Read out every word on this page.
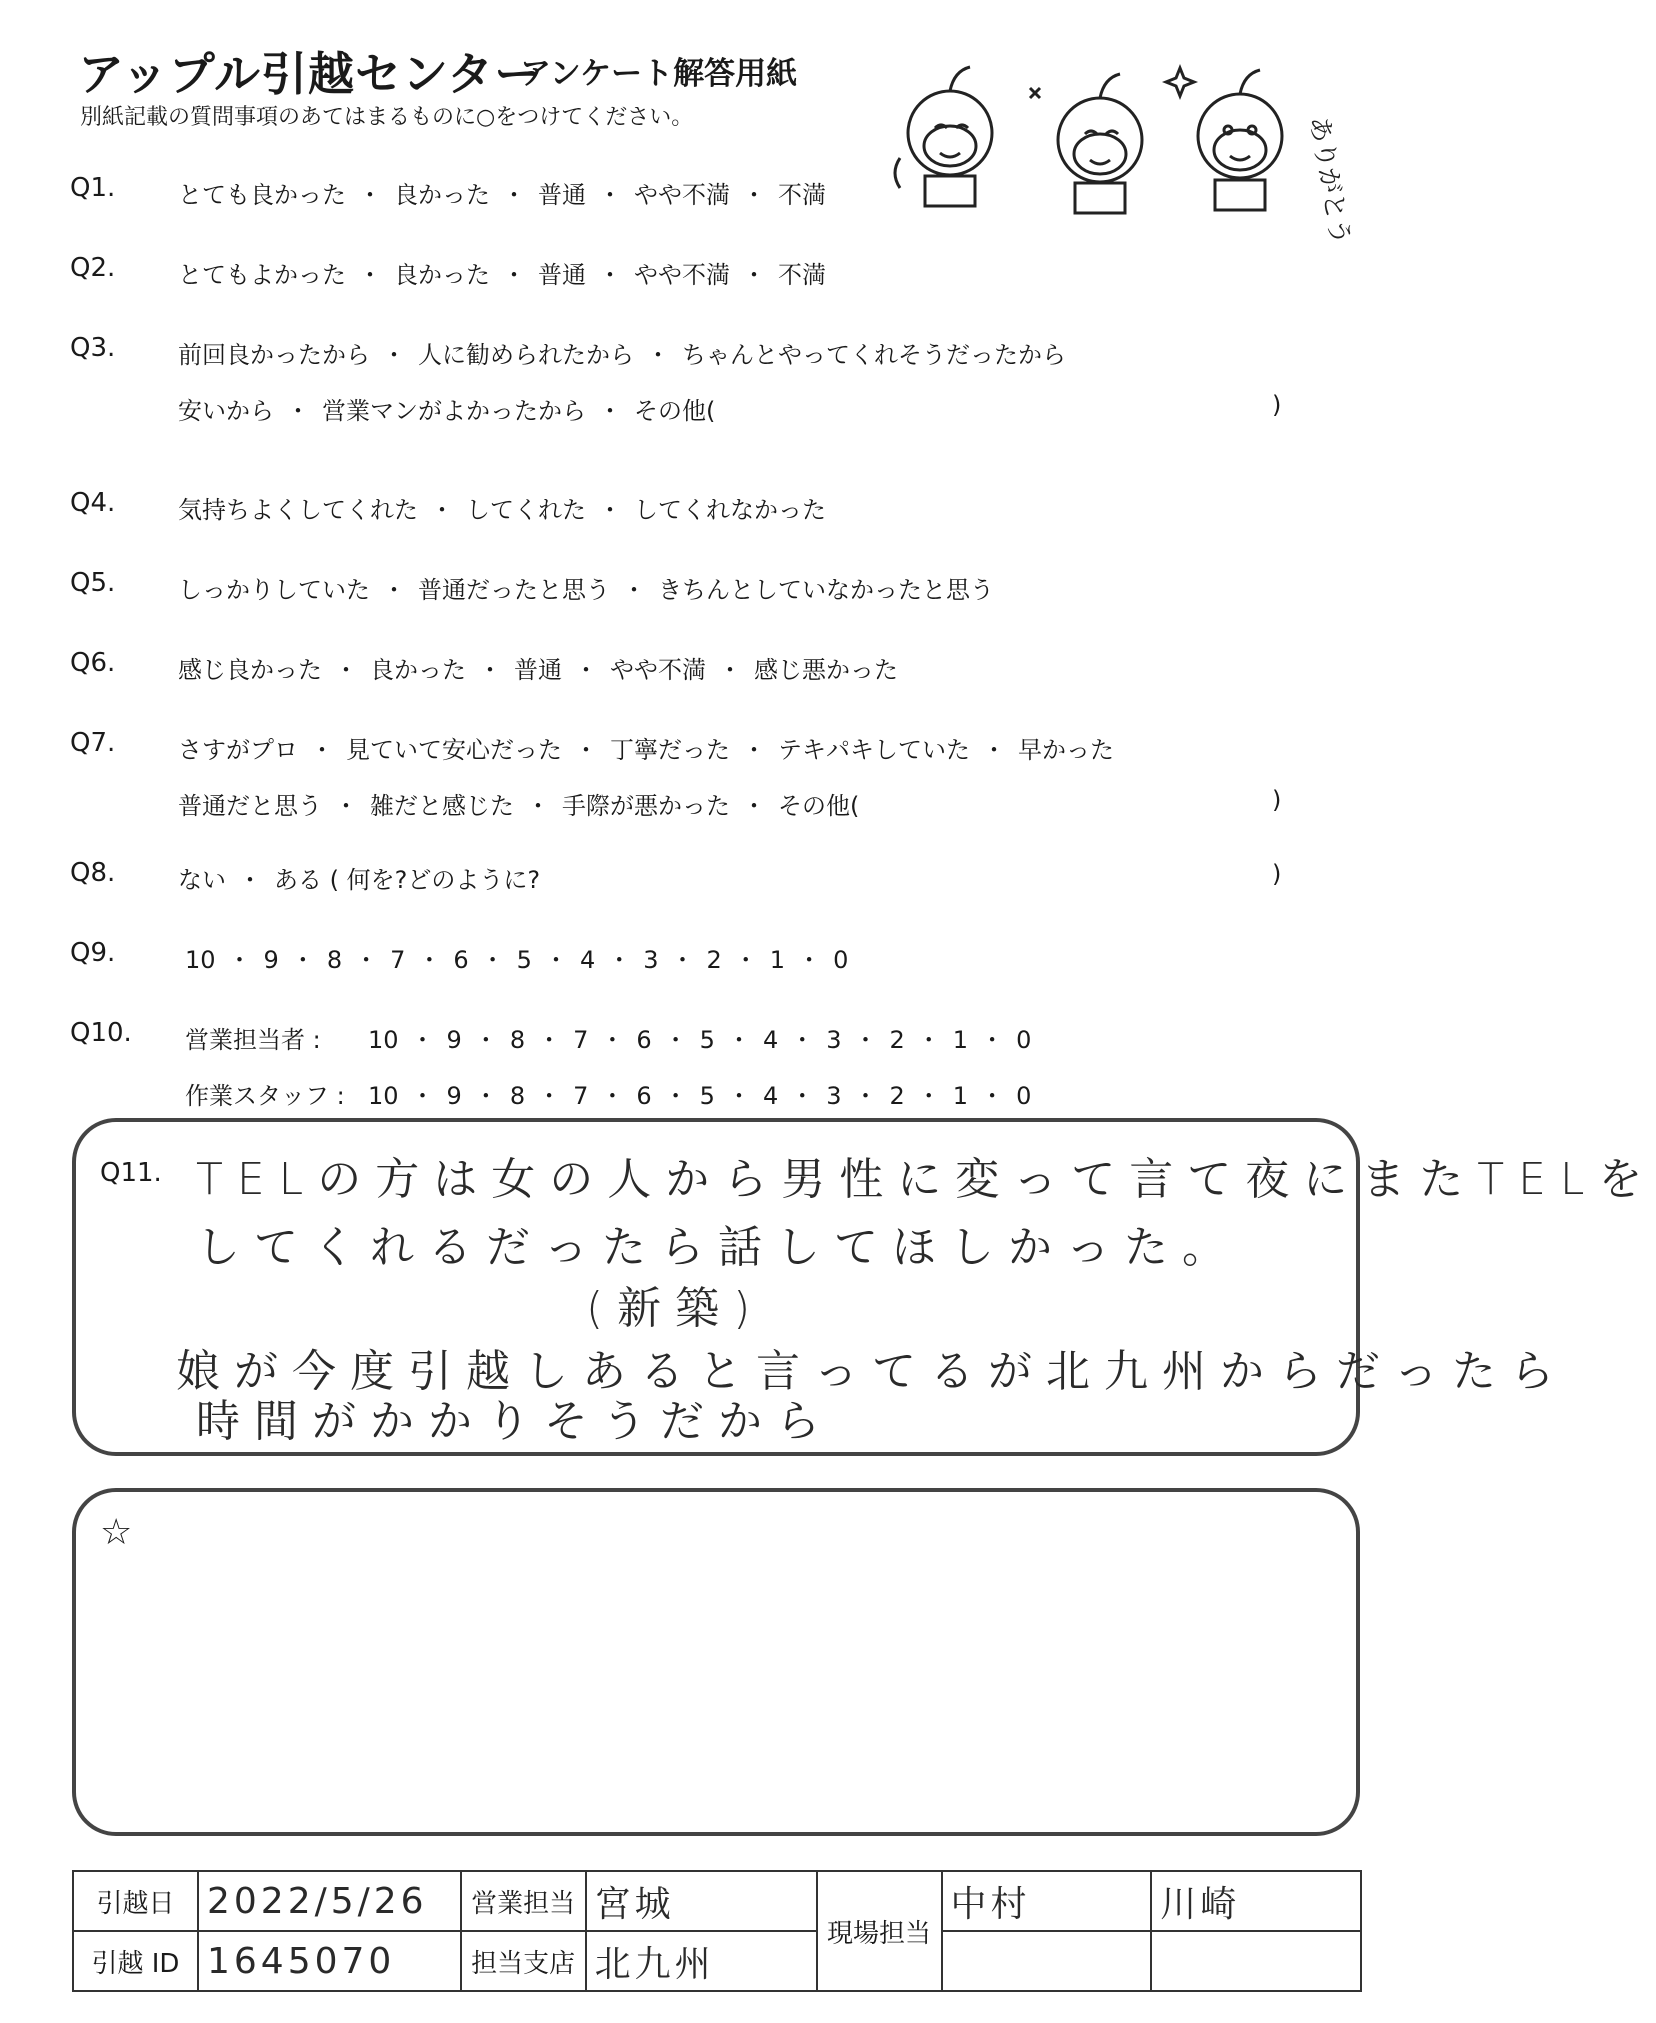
アップル引越センター
アンケート解答用紙
別紙記載の質問事項のあてはまるものに○をつけてください。	ありがとう
Q1.	とても良かった ・ 良かった ・ 普通 ・ やや不満 ・ 不満
Q2.	とてもよかった ・ 良かった ・ 普通 ・ やや不満 ・ 不満
Q3.	前回良かったから ・ 人に勧められたから ・ ちゃんとやってくれそうだったから
安いから ・ 営業マンがよかったから ・ その他(	)
Q4.	気持ちよくしてくれた ・ してくれた ・ してくれなかった
Q5.	しっかりしていた ・ 普通だったと思う ・ きちんとしていなかったと思う
Q6.	感じ良かった ・ 良かった ・ 普通 ・ やや不満 ・ 感じ悪かった
Q7.	さすがプロ ・ 見ていて安心だった ・ 丁寧だった ・ テキパキしていた ・ 早かった
普通だと思う ・ 雑だと感じた ・ 手際が悪かった ・ その他(	)
Q8.	ない ・ ある ( 何を?どのように?	)
Q9.	10 ・ 9 ・ 8 ・ 7 ・ 6 ・ 5 ・ 4 ・ 3 ・ 2 ・ 1 ・ 0
Q10. 営業担当者 : 10 ・ 9 ・ 8 ・ 7 ・ 6 ・ 5 ・ 4 ・ 3 ・ 2 ・ 1 ・ 0
作業スタッフ : 10 ・ 9 ・ 8 ・ 7 ・ 6 ・ 5 ・ 4 ・ 3 ・ 2 ・ 1 ・ 0
Q11. TELの方は女の人から男性に変って言て夜にまたTELを
してくれるだったら話してほしかった。
(新築)
娘が今度引越しあると言ってるが北九州からだったら
時間がかかりそうだから
☆
引越日	2022/5/26	営業担当	宮城	現場担当	中村	川崎
引越 ID	1645070	担当支店	北九州			
